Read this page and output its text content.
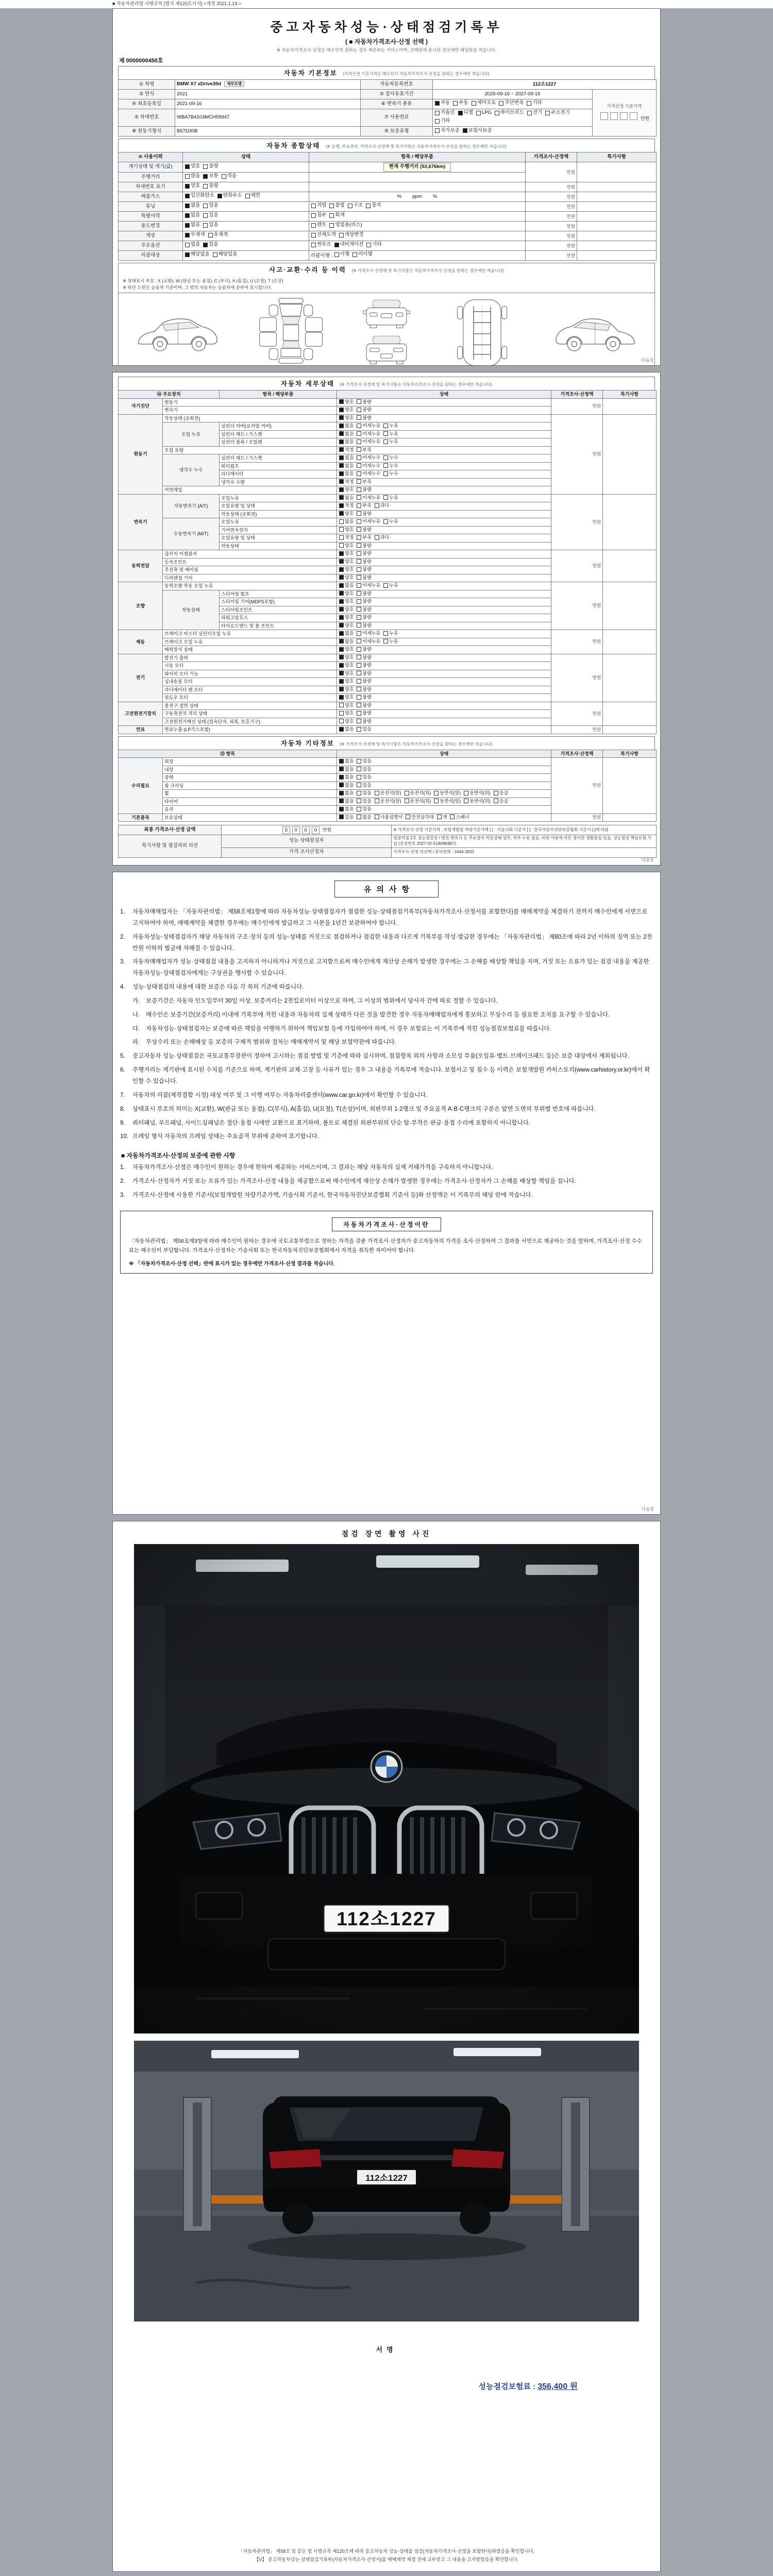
■ 자동차관리법 시행규칙 [별지 제120호서식] <개정 2021.1.19.>
중고자동차성능·상태점검기록부
( ■ 자동차가격조사·산정 선택 )
※ 자동차가격조사·산정은 매수인이 원하는 경우 제공하는 서비스이며, 선택란에 표시된 경우에만 해당란을 적습니다.
제 0000000450호
자동차 기본정보 (가격산정 기준가격은 매수인이 자동차가격조사·산정을 원하는 경우에만 적습니다)
① 차명	BMW X7 xDrive30d 세부모델	자동차등록번호	112소1227	
② 연식	2021	③ 검사유효기간	2025-09-16 ~ 2027-09-15	가격산정 기준가격
만원

④ 최초등록일	2021-09-16	⑥ 변속기 종류	자동 수동 세미오토 무단변속 기타	

⑤ 차대번호	WBA7B4103MCH59947	⑦ 사용연료	
가솔린 디젤 LPG 하이브리드 전기 수소전기
기타

⑧ 원동기형식	B57D30B	⑨ 보증유형	자가보증 보험사보증	
자동차 종합상태 (※ 운행, 주요장치, 가격조사·산정액 및 특기사항은 자동차가격조사·산정을 원하는 경우에만 적습니다)
⑩ 사용이력	상태	항목 / 해당부품	가격조사·산정액	특기사항
계기상태 및 계기(값)	양호 불량	현재 주행거리 (53,676km)	만원	
주행거리	많음 보통 적음			

차대번호 표기	양호 불량		만원	
배출가스	일산화탄소 탄화수소 매연	%        ppm        %	만원	
튜닝	없음 있음	적법 불법 구조 장치	만원	
특별이력	없음 있음	침수 화재	만원	
용도변경	없음 있음	렌트 영업용(리스)	만원	
색상	무채색 유채색	전체도색 색상변경	만원	
주요옵션	없음 있음	썬루프 네비게이션 기타	만원	
리콜대상	해당없음 해당있음	리콜이행 : 이행 미이행	만원	
사고·교환·수리 등 이력 (※ 가격조사·산정액 및 특기사항은 자동차가격조사·산정을 원하는 경우에만 적습니다)
※ 상태표시 부호 : X (교환), W (판금 또는 용접), C (부식), A (흠집), U (요철), T (손상)
※ 하단 도면은 승용차 기준이며, 그 밖의 자동차는 승용차에 준하여 표시합니다.

다음장
자동차 세부상태 (※ 가격조사·산정액 및 특기사항은 자동차가격조사·산정을 원하는 경우에만 적습니다)
⑭ 주요장치		항목 / 해당부품	상태	가격조사·산정액	특기사항
자기진단	원동기		양호 불량	만원	
	변속기		양호 불량		

원동기	작동상태 (공회전)		양호 불량	만원	
	오일 누유	실린더 커버(로커암 커버)	없음 미세누유 누유		

		실린더 헤드 / 가스켓	없음 미세누유 누유		

		실린더 블록 / 오일팬	없음 미세누유 누유		

	오일 유량		적정 부족		

	냉각수 누수	실린더 헤드 / 가스켓	없음 미세누수 누수		

		워터펌프	없음 미세누수 누수		

		라디에이터	없음 미세누수 누수		

		냉각수 수량	적정 부족		

	커먼레일		양호 불량		

변속기	자동변속기 (A/T)	오일누유	없음 미세누유 누유	만원	
		오일유량 및 상태	적정 부족 과다		

		작동상태 (공회전)	양호 불량		

	수동변속기 (M/T)	오일누유	없음 미세누유 누유		

		기어변속장치	양호 불량		

		오일유량 및 상태	적정 부족 과다		

		작동상태	양호 불량		

동력전달	클러치 어셈블리		양호 불량	만원	
	등속조인트		양호 불량		

	추진축 및 베어링		양호 불량		

	디퍼렌셜 기어		양호 불량		

조향	동력조향 작동 오일 누유		없음 미세누유 누유	만원	
	작동상태	스티어링 펌프	양호 불량		

		스티어링 기어(MDPS포함)	양호 불량		

		스티어링조인트	양호 불량		

		파워고압호스	양호 불량		

		타이로드엔드 및 볼 조인트	양호 불량		

제동	브레이크 마스터 실린더오일 누유		없음 미세누유 누유	만원	
	브레이크 오일 누유		없음 미세누유 누유		

	배력장치 상태		양호 불량		

전기	발전기 출력		양호 불량	만원	
	시동 모터		양호 불량		

	와이퍼 모터 기능		양호 불량		

	실내송풍 모터		양호 불량		

	라디에이터 팬 모터		양호 불량		

	윈도우 모터		양호 불량		

고전원전기장치	충전구 절연 상태		양호 불량	만원	
	구동축전지 격리 상태		양호 불량		

	고전원전기배선 상태 (접속단자, 피복, 보호기구)		양호 불량		

연료	연료누출 (LP가스포함)		없음 있음	만원	
자동차 기타정보 (※ 가격조사·산정액 및 특기사항은 자동차가격조사·산정을 원하는 경우에만 적습니다)
⑮ 항목		상태	가격조사·산정액	특기사항
수리필요	외장	없음 있음	만원	
	내장	없음 있음		

	광택	없음 있음		

	룸 크리닝	없음 있음		

휠	없음 있음 운전석(앞) 운전석(뒤) 동반석(앞) 동반석(뒤) 응급

타이어	없음 있음 운전석(앞) 운전석(뒤) 동반석(앞) 동반석(뒤) 응급

	유리	없음 있음		

기본품목	보유상태	있음 없음 사용설명서 안전삼각대 잭 스패너	만원	
최종 가격조사·산정 금액	0 0 0 0 만원	※ 가격조사·산정 기준가격 : 보험개발원 차량기준가액 [ ] · 기술사회 기준서 [ ] · 한국자동차진단보증협회 기준서 [ ]에 따름
특기사항 및 점검자의 의견	성능·상태점검자	염창역점 2호 성능점검장 / 엔진·변속기 등 주요장치 작동상태 양호, 하부 누유 없음. 외판 사용에 따른 경미한 생활흠집 있음. 성능점검 책임보험 가입 (증권번호 2027-02-5180994B7).
	가격·조사산정자	가격조사·산정 미선택 / 문의전화 : 1644-3933
다음장
유의사항
1.	자동차매매업자는 「자동차관리법」 제58조제1항에 따라 자동차성능·상태점검자가 점검한 성능·상태점검기록부(자동차가격조사·산정서를 포함한다)를 매매계약을 체결하기 전까지 매수인에게 서면으로 고지하여야 하며, 매매계약을 체결한 경우에는 매수인에게 발급하고 그 사본을 1년간 보관하여야 합니다.
2.	자동차성능·상태점검자가 해당 자동차의 구조·장치 등의 성능·상태를 거짓으로 점검하거나 점검한 내용과 다르게 기록부를 작성·발급한 경우에는 「자동차관리법」 제80조에 따라 2년 이하의 징역 또는 2천만원 이하의 벌금에 처해질 수 있습니다.
3.	자동차매매업자가 성능·상태점검 내용을 고지하지 아니하거나 거짓으로 고지함으로써 매수인에게 재산상 손해가 발생한 경우에는 그 손해를 배상할 책임을 지며, 거짓 또는 오류가 있는 점검 내용을 제공한 자동차성능·상태점검자에게는 구상권을 행사할 수 있습니다.
4.	성능·상태점검의 내용에 대한 보증은 다음 각 목의 기준에 따릅니다.
가.	보증기간은 자동차 인도일부터 30일 이상, 보증거리는 2천킬로미터 이상으로 하며, 그 이상의 범위에서 당사자 간에 따로 정할 수 있습니다.
나.	매수인은 보증기간(보증거리) 이내에 기록부에 적힌 내용과 자동차의 실제 상태가 다른 것을 발견한 경우 자동차매매업자에게 통보하고 무상수리 등 필요한 조치를 요구할 수 있습니다.
다.	자동차성능·상태점검자는 보증에 따른 책임을 이행하기 위하여 책임보험 등에 가입하여야 하며, 이 경우 보험료는 이 기록부에 적힌 성능점검보험료를 따릅니다.
라.	무상수리 또는 손해배상 등 보증의 구체적 범위와 절차는 매매계약서 및 해당 보험약관에 따릅니다.
5.	중고자동차 성능·상태점검은 국토교통부장관이 정하여 고시하는 점검 방법 및 기준에 따라 실시하며, 점검항목 외의 사항과 소모성 부품(오일류·벨트·브레이크패드 등)은 보증 대상에서 제외됩니다.
6.	주행거리는 계기판에 표시된 수치를 기준으로 하며, 계기판의 교체·고장 등 사유가 있는 경우 그 내용을 기록부에 적습니다. 보험사고 및 침수 등 이력은 보험개발원 카히스토리(www.carhistory.or.kr)에서 확인할 수 있습니다.
7.	자동차의 리콜(제작결함 시정) 대상 여부 및 그 이행 여부는 자동차리콜센터(www.car.go.kr)에서 확인할 수 있습니다.
8.	상태표시 부호의 의미는 X(교환), W(판금 또는 용접), C(부식), A(흠집), U(요철), T(손상)이며, 외판부위 1·2랭크 및 주요골격 A·B·C랭크의 구분은 앞면 도면의 부위별 번호에 따릅니다.
9.	쿼터패널, 루프패널, 사이드실패널은 절단·용접 시에만 교환으로 표기하며, 볼트로 체결된 외판부위의 단순 탈·부착은 판금·용접 수리에 포함하지 아니합니다.
10. 프레임 형식 자동차의 프레임 상태는 주요골격 부위에 준하여 표기합니다.
■ 자동차가격조사·산정의 보증에 관한 사항
1.	자동차가격조사·산정은 매수인이 원하는 경우에 한하여 제공하는 서비스이며, 그 결과는 해당 자동차의 실제 거래가격을 구속하지 아니합니다.
2.	가격조사·산정자가 거짓 또는 오류가 있는 가격조사·산정 내용을 제공함으로써 매수인에게 재산상 손해가 발생한 경우에는 가격조사·산정자가 그 손해를 배상할 책임을 집니다.
3.	가격조사·산정에 사용한 기준서(보험개발원 차량기준가액, 기술사회 기준서, 한국자동차진단보증협회 기준서 등)와 산정액은 이 기록부의 해당 란에 적습니다.
자동차가격조사·산정이란
「자동차관리법」 제58조제3항에 따라 매수인이 원하는 경우에 국토교통부령으로 정하는 자격을 갖춘 가격조사·산정자가 중고자동차의 가격을 조사·산정하여 그 결과를 서면으로 제공하는 것을 말하며, 가격조사·산정 수수료는 매수인이 부담합니다. 가격조사·산정자는 기술사회 또는 한국자동차진단보증협회에서 자격을 취득한 자이어야 합니다.
※ 「자동차가격조사·산정 선택」란에 표시가 있는 경우에만 가격조사·산정 결과를 적습니다.
다음장
점검 장면 촬영 사진
112소1227
서명
성능점검보험료 : 356,400 원
「자동차관리법」 제58조 및 같은 법 시행규칙 제120조에 따라 중고자동차 성능·상태를 점검(자동차가격조사·산정을 포함한다)하였음을 확인합니다.
【Ⅴ】 중고자동차성능·상태점검기록부(자동차가격조사·산정서)를 매매계약 체결 전에 교부받고 그 내용을 고지받았음을 확인합니다.
